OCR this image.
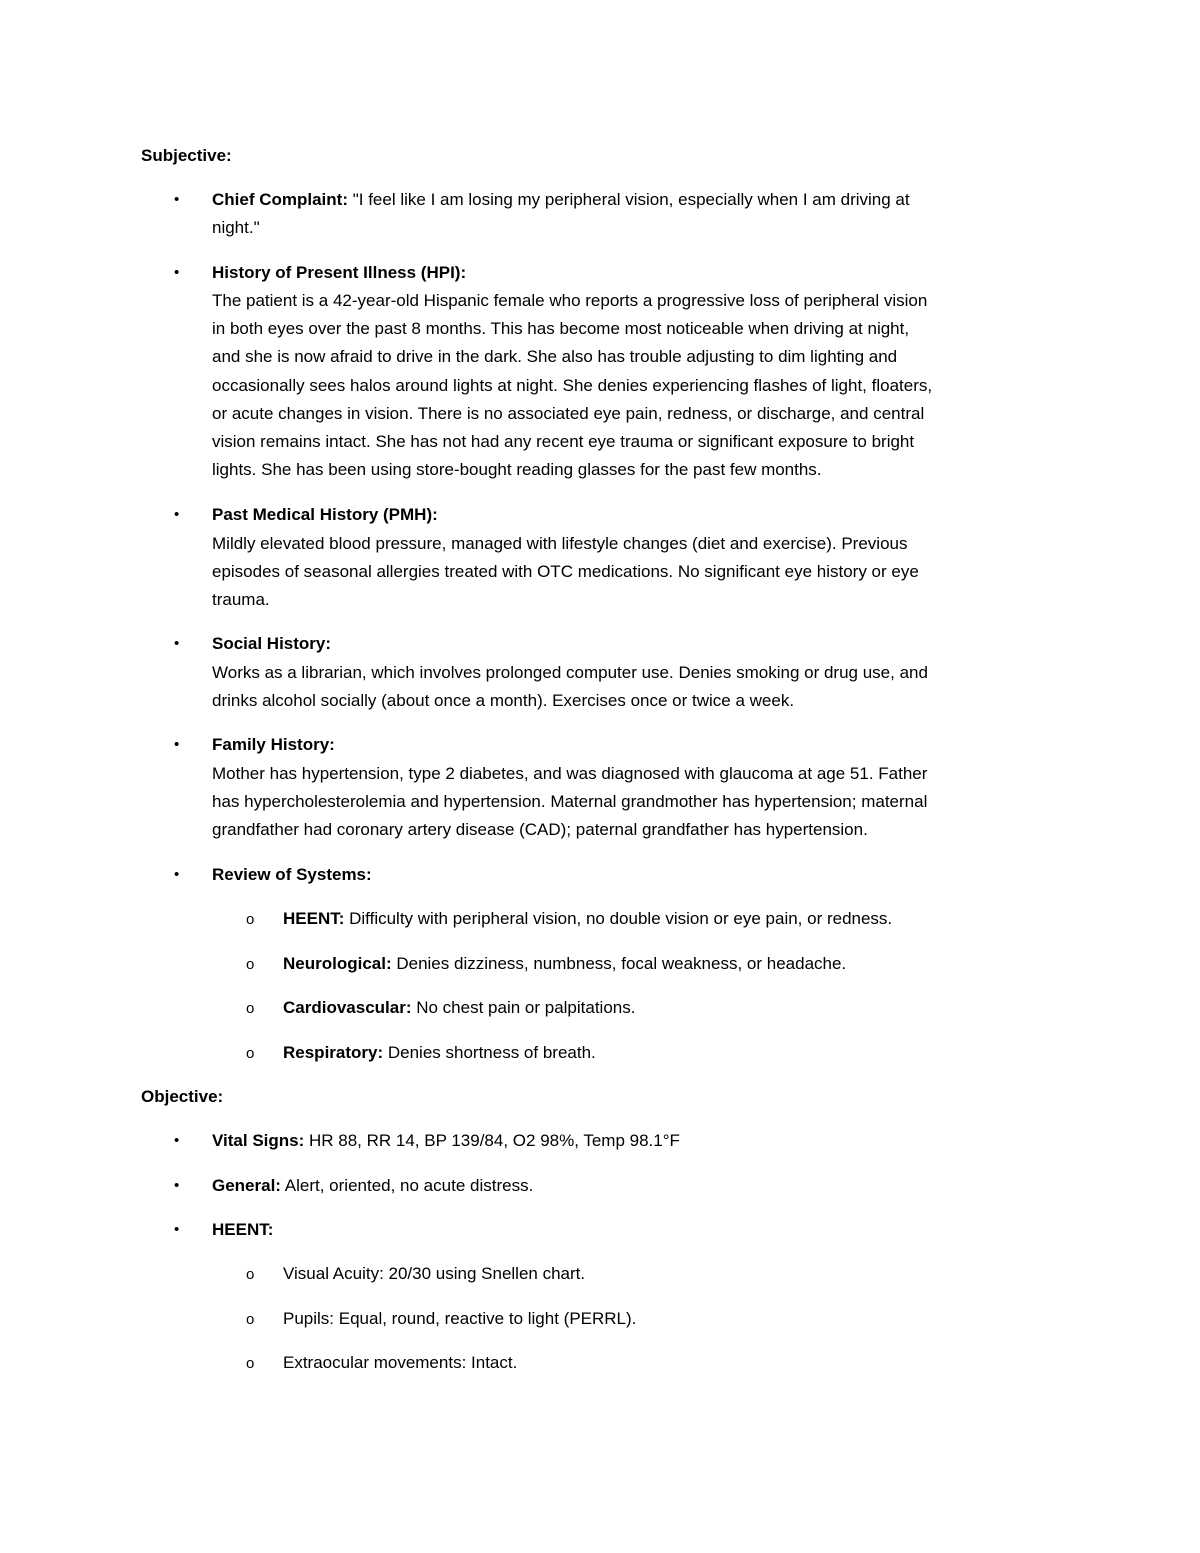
Subjective:
• Chief Complaint: "I feel like I am losing my peripheral vision, especially when I am driving at
night."
• History of Present Illness (HPI):
The patient is a 42-year-old Hispanic female who reports a progressive loss of peripheral vision
in both eyes over the past 8 months. This has become most noticeable when driving at night,
and she is now afraid to drive in the dark. She also has trouble adjusting to dim lighting and
occasionally sees halos around lights at night. She denies experiencing flashes of light, floaters,
or acute changes in vision. There is no associated eye pain, redness, or discharge, and central
vision remains intact. She has not had any recent eye trauma or significant exposure to bright
lights. She has been using store-bought reading glasses for the past few months.
• Past Medical History (PMH):
Mildly elevated blood pressure, managed with lifestyle changes (diet and exercise). Previous
episodes of seasonal allergies treated with OTC medications. No significant eye history or eye
trauma.
• Social History:
Works as a librarian, which involves prolonged computer use. Denies smoking or drug use, and
drinks alcohol socially (about once a month). Exercises once or twice a week.
• Family History:
Mother has hypertension, type 2 diabetes, and was diagnosed with glaucoma at age 51. Father
has hypercholesterolemia and hypertension. Maternal grandmother has hypertension; maternal
grandfather had coronary artery disease (CAD); paternal grandfather has hypertension.
• Review of Systems:
o HEENT: Difficulty with peripheral vision, no double vision or eye pain, or redness.
o Neurological: Denies dizziness, numbness, focal weakness, or headache.
o Cardiovascular: No chest pain or palpitations.
o Respiratory: Denies shortness of breath.
Objective:
• Vital Signs: HR 88, RR 14, BP 139/84, O2 98%, Temp 98.1°F
• General: Alert, oriented, no acute distress.
• HEENT:
o Visual Acuity: 20/30 using Snellen chart.
o Pupils: Equal, round, reactive to light (PERRL).
o Extraocular movements: Intact.
